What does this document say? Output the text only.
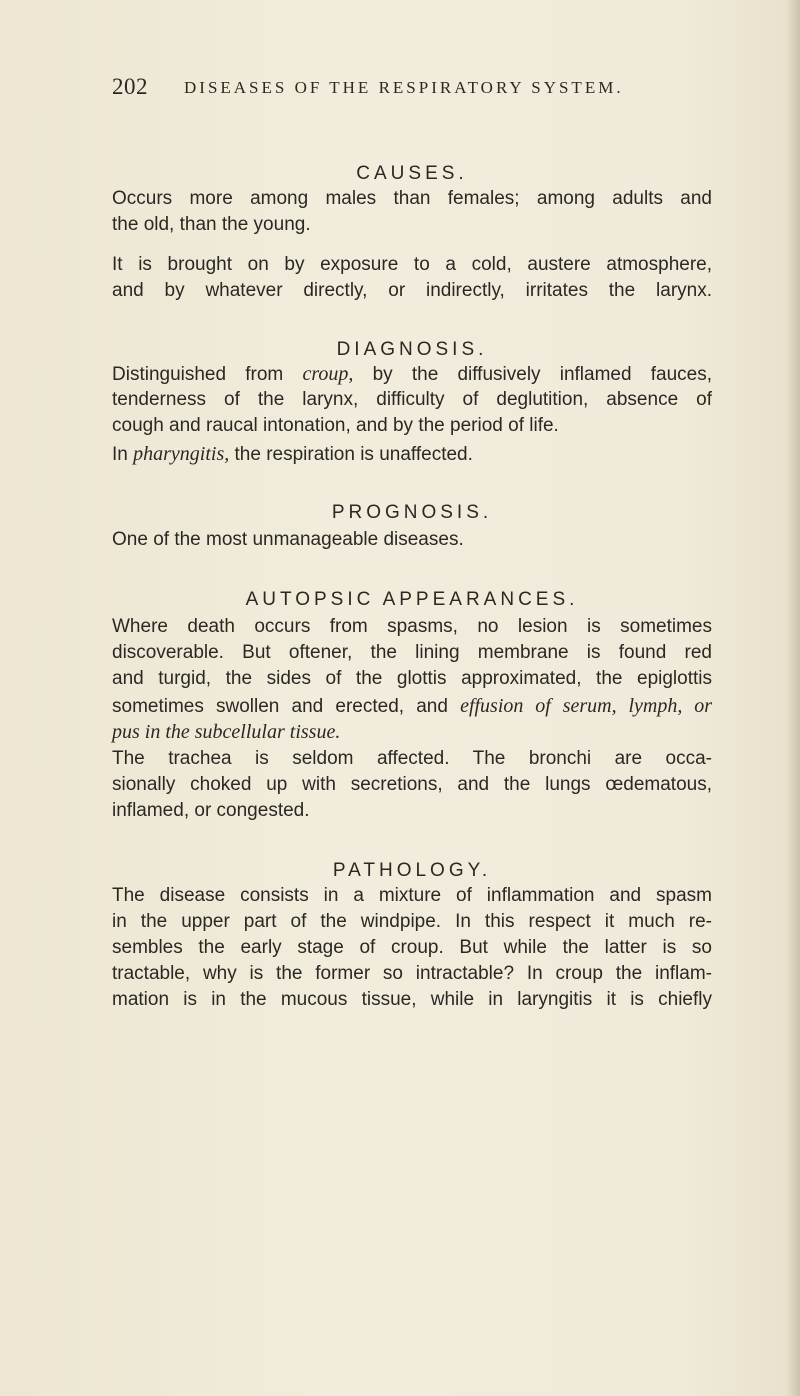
202 DISEASES OF THE RESPIRATORY SYSTEM.
CAUSES.
Occurs more among males than females; among adults and
the old, than the young.
It is brought on by exposure to a cold, austere atmosphere,
and by whatever directly, or indirectly, irritates the larynx.
DIAGNOSIS.
Distinguished from croup, by the diffusively inflamed fauces,
tenderness of the larynx, difficulty of deglutition, absence of
cough and raucal intonation, and by the period of life.
In pharyngitis, the respiration is unaffected.
PROGNOSIS.
One of the most unmanageable diseases.
AUTOPSIC APPEARANCES.
Where death occurs from spasms, no lesion is sometimes
discoverable. But oftener, the lining membrane is found red
and turgid, the sides of the glottis approximated, the epiglottis
sometimes swollen and erected, and effusion of serum, lymph, or
pus in the subcellular tissue.
The trachea is seldom affected. The bronchi are occa-
sionally choked up with secretions, and the lungs œdematous,
inflamed, or congested.
PATHOLOGY.
The disease consists in a mixture of inflammation and spasm
in the upper part of the windpipe. In this respect it much re-
sembles the early stage of croup. But while the latter is so
tractable, why is the former so intractable? In croup the inflam-
mation is in the mucous tissue, while in laryngitis it is chiefly
